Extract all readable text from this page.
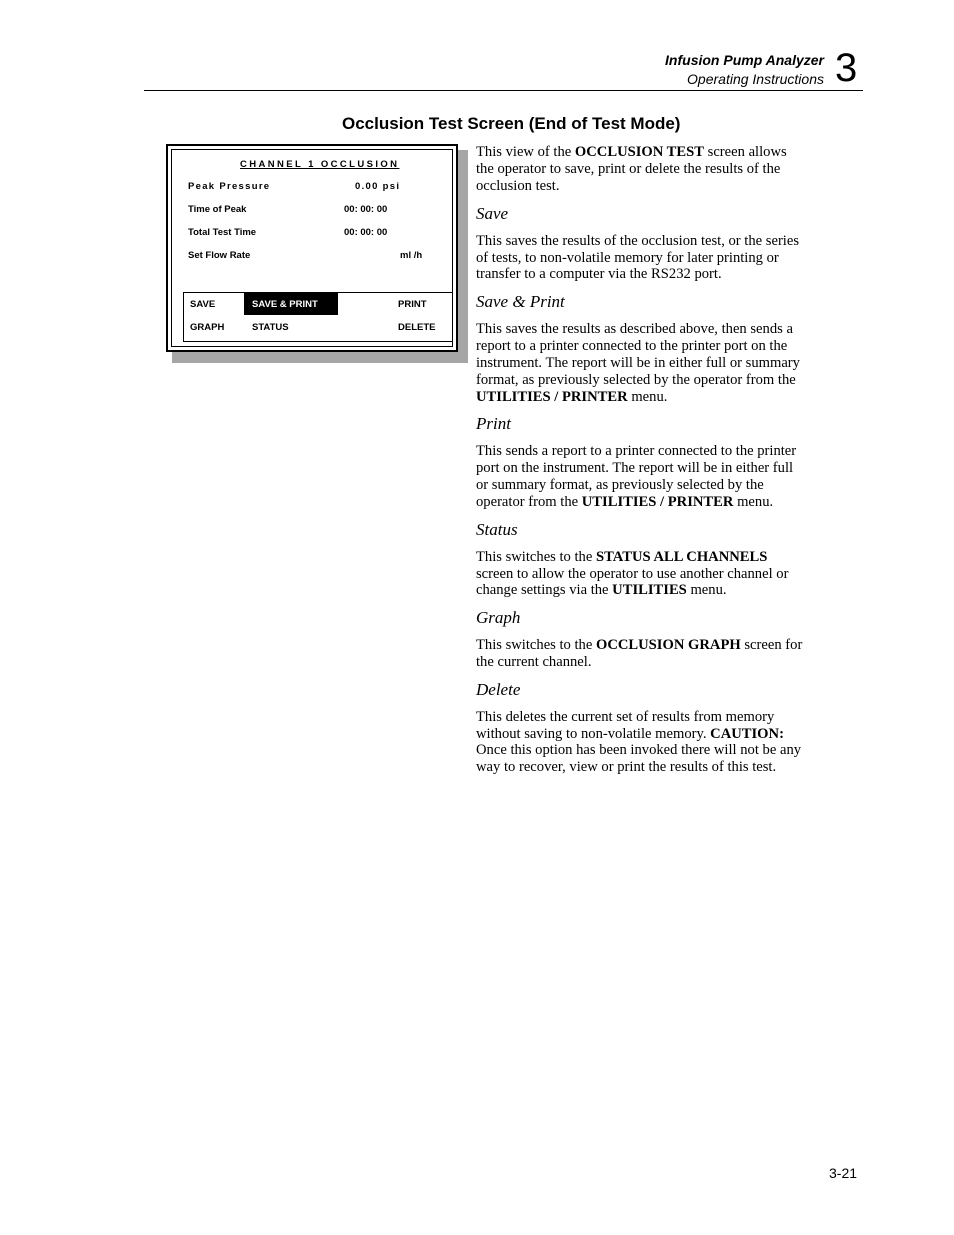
Infusion Pump Analyzer
Operating Instructions 3
Occlusion Test Screen (End of Test Mode)
CHANNEL 1 OCCLUSION
Peak Pressure	0.00 psi
Time of Peak	00: 00: 00
Total Test Time	00: 00: 00
Set Flow Rate	ml /h
SAVE	SAVE & PRINT	PRINT
GRAPH	STATUS	DELETE
This view of the OCCLUSION TEST screen allows
the operator to save, print or delete the results of the
occlusion test.
Save
This saves the results of the occlusion test, or the series
of tests, to non-volatile memory for later printing or
transfer to a computer via the RS232 port.
Save & Print
This saves the results as described above, then sends a
report to a printer connected to the printer port on the
instrument. The report will be in either full or summary
format, as previously selected by the operator from the
UTILITIES / PRINTER menu.
Print
This sends a report to a printer connected to the printer
port on the instrument. The report will be in either full
or summary format, as previously selected by the
operator from the UTILITIES / PRINTER menu.
Status
This switches to the STATUS ALL CHANNELS
screen to allow the operator to use another channel or
change settings via the UTILITIES menu.
Graph
This switches to the OCCLUSION GRAPH screen for
the current channel.
Delete
This deletes the current set of results from memory
without saving to non-volatile memory. CAUTION:
Once this option has been invoked there will not be any
way to recover, view or print the results of this test.
3-21
